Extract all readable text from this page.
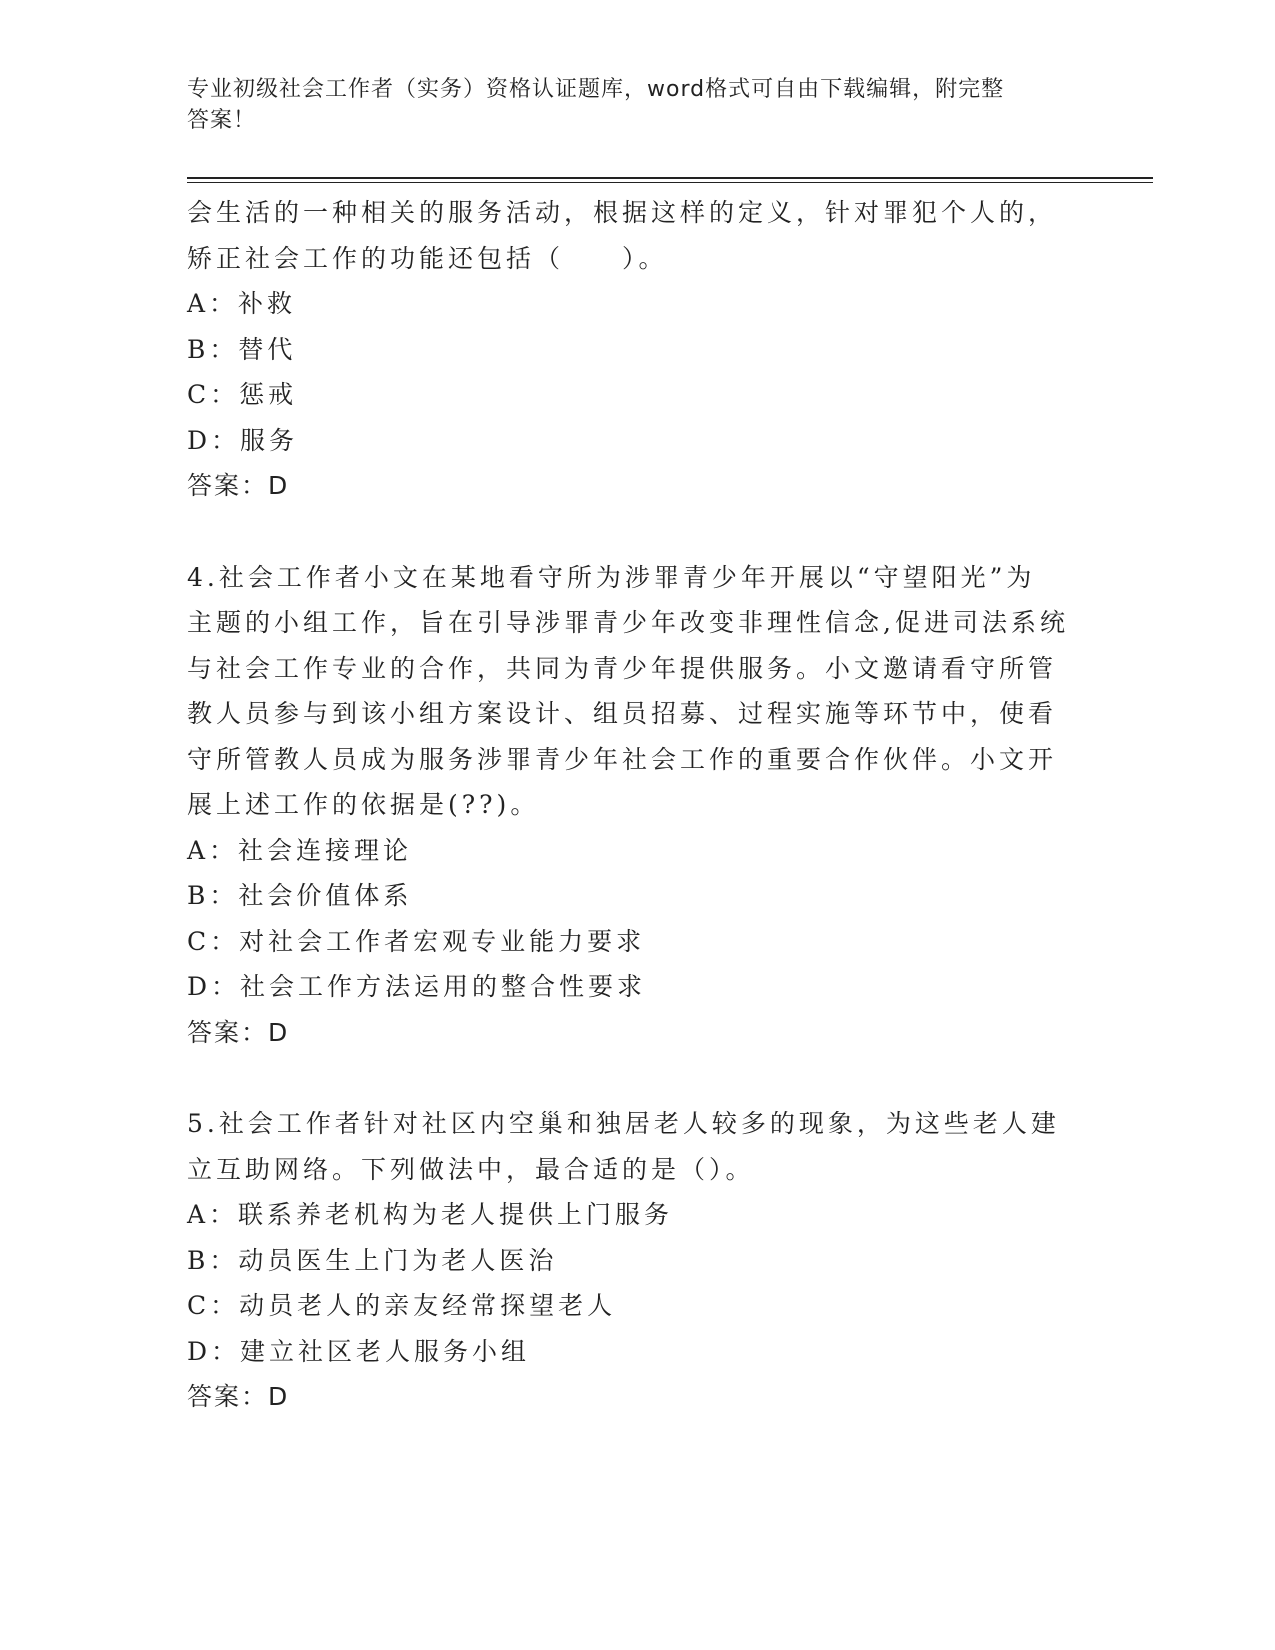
专业初级社会工作者（实务）资格认证题库，word格式可自由下载编辑，附完整
答案！

会生活的一种相关的服务活动，根据这样的定义，针对罪犯个人的，

矫正社会工作的功能还包括（　　）。

A：补救

B：替代

C：惩戒

D：服务

答案：D

4.社会工作者小文在某地看守所为涉罪青少年开展以“守望阳光”为

主题的小组工作，旨在引导涉罪青少年改变非理性信念,促进司法系统

与社会工作专业的合作，共同为青少年提供服务。小文邀请看守所管

教人员参与到该小组方案设计、组员招募、过程实施等环节中，使看

守所管教人员成为服务涉罪青少年社会工作的重要合作伙伴。小文开

展上述工作的依据是(??)。

A：社会连接理论

B：社会价值体系

C：对社会工作者宏观专业能力要求

D：社会工作方法运用的整合性要求

答案：D

5.社会工作者针对社区内空巢和独居老人较多的现象，为这些老人建

立互助网络。下列做法中，最合适的是（）。

A：联系养老机构为老人提供上门服务

B：动员医生上门为老人医治

C：动员老人的亲友经常探望老人

D：建立社区老人服务小组

答案：D
